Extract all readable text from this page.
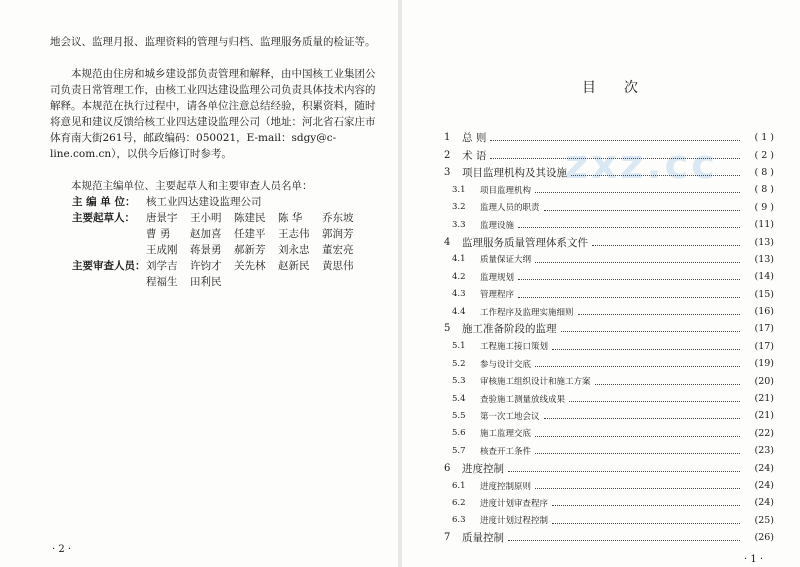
地会议、监理月报、监理资料的管理与归档、监理服务质量的检证等。

本规范由住房和城乡建设部负责管理和解释，由中国核工业集团公司负责日常管理工作，由核工业四达建设监理公司负责具体技术内容的解释。本规范在执行过程中，请各单位注意总结经验，积累资料，随时将意见和建议反馈给核工业四达建设监理公司（地址：河北省石家庄市体育南大街261号，邮政编码：050021，E-mail：sdgy@c-line.com.cn），以供今后修订时参考。

本规范主编单位、主要起草人和主要审查人员名单：

主 编 单 位：	核工业四达建设监理公司
主要起草人：	唐景宇	王小明	陈建民	陈 华	乔东坡
曹 勇	赵加喜	任建平	王志伟	郭润芳
王成刚	蒋景勇	郝新芳	刘永忠	董宏亮
主要审查人员： 刘学吉	许钧才	关先林	赵新民	黄思伟
程福生	田利民
· 2 ·
目 次
zxz.cc
1	总 则	( 1 )
2	术 语	( 2 )
3	项目监理机构及其设施	( 8 )
3.1	项目监理机构	( 8 )
3.2	监理人员的职责	( 9 )
3.3	监理设施	(11)
4	监理服务质量管理体系文件	(13)
4.1	质量保证大纲	(13)
4.2	监理规划	(14)
4.3	管理程序	(15)
4.4	工作程序及监理实施细则	(16)
5	施工准备阶段的监理	(17)
5.1	工程施工接口策划	(17)
5.2	参与设计交底	(19)
5.3	审核施工组织设计和施工方案	(20)
5.4	查验施工测量放线成果	(21)
5.5	第一次工地会议	(21)
5.6	施工监理交底	(22)
5.7	核查开工条件	(23)
6	进度控制	(24)
6.1	进度控制原则	(24)
6.2	进度计划审查程序	(24)
6.3	进度计划过程控制	(25)
7	质量控制	(26)
· 1 ·
